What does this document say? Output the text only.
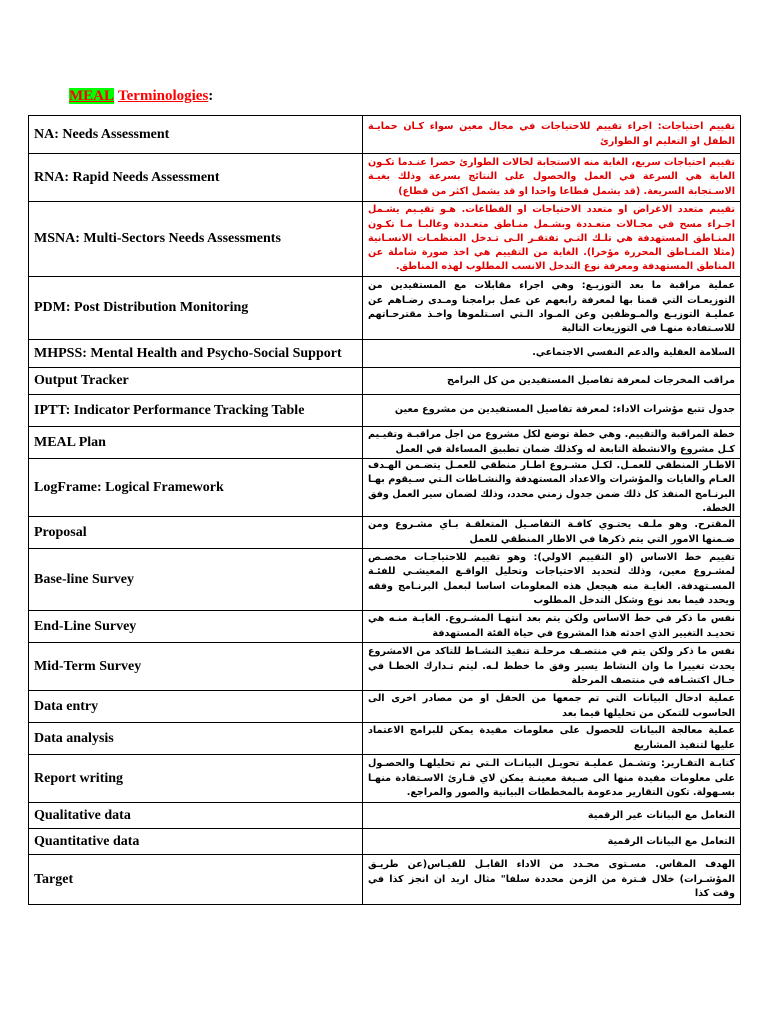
MEAL Terminologies:
NA: Needs Assessment	تقييم احتياجات: اجراء تقييم للاحتياجات في مجال معين سواء كـان حمايـة الطفل او التعليم او الطوارئ
RNA: Rapid Needs Assessment	تقييم احتياجات سريع، الغاية منه الاستجابة لحالات الطوارئ حصرا عنـدما تكـون الغاية هي السرعة في العمل والحصول على النتائج بسرعة وذلك بغيـة الاسـتجابة السريعة. (قد يشمل قطاعا واحدا او قد يشمل اكثر من قطاع)
MSNA: Multi-Sectors Needs Assessments	تقييم متعدد الاغراض او متعدد الاحتياجات او القطاعات. هـو تقيـيم يشـمل اجـراء مسح في مجـالات متعـددة وبشـمل منـاطق متعـددة وغالبـا مـا تكـون المنـاطق المستهدفة هي تلـك التـي تفتقـر الـى تـدخل المنظمـات الانسـانية (مثلا المنـاطق المحررة مؤخرا). الغاية من التقييم هي اخذ صورة شاملة عن المناطق المستهدفة ومعرفة نوع التدخل الانسب المطلوب لهذه المناطق.
PDM: Post Distribution Monitoring	عملية مراقبة ما بعد التوزيـع: وهي اجراء مقابلات مع المستفيدين من التوزيعـات التي قمنا بها لمعرفة رابعهم عن عمل برامجنا ومـدى رضـاهم عن عمليـة التوزيـع والمـوظفين وعن المـواد الـتي اسـتلموها واخـذ مقترحـاتهم للاسـتفادة منهـا في التوزيعات التالية
MHPSS: Mental Health and Psycho-Social Support	السلامة العقلية والدعم النفسي الاجتماعي.
Output Tracker	مراقب المخرجات لمعرفة تفاصيل المستفيدين من كل البرامج
IPTT: Indicator Performance Tracking Table	جدول تتبع مؤشرات الاداء: لمعرفة تفاصيل المستفيدين من مشروع معين
MEAL Plan	خطة المراقبة والتقييم. وهي خطة توضع لكل مشروع من اجل مراقبـة وتقيـيم كـل مشروع والانشطة التابعة له وكذلك ضمان تطبيق المساءلة في العمل
LogFrame: Logical Framework	الاطـار المنطقي للعمـل. لكـل مشـروع اطـار منطقي للعمـل يتضـمن الهـدف العـام والغايات والمؤشرات والاعداد المستهدفة والنشـاطات الـتي سـيقوم بهـا البرنـامج المنفذ كل ذلك ضمن جدول زمني محدد، وذلك لضمان سير العمل وفق الخطة.
Proposal	المقترح. وهو ملـف يحتـوي كافـة التفاصـيل المتعلقـة بـاي مشـروع ومن ضـمنها الامور التي يتم ذكرها في الاطار المنطقي للعمل
Base-line Survey	تقييم خط الاساس (او التقييم الاولي): وهو تقييم للاحتياجـات مخصـص لمشـروع معين، وذلك لتحديد الاحتياجات وتحليل الواقـع المعيشـي للفئـة المسـتهدفة. الغايـة منه هيجعل هذه المعلومات اساسا لبعمل البرنـامج وفقه ويحدد فيما بعد نوع وشكل التدخل المطلوب
End-Line Survey	نفس ما ذكر في خط الاساس ولكن يتم بعد انتهـا المشـروع. الغايـة منـه هي تحديـد التغيير الذي احدثه هذا المشروع في حياة الفئة المستهدفة
Mid-Term Survey	نفس ما ذكر ولكن يتم في منتصـف مرحلـة تنفيذ النشـاط للتاكد من الامشروع يحدث تغييرا ما وان النشاط يسير وفق ما خطط لـه. ليتم تـدارك الخطـا في حـال اكتشـافه في منتصف المرحلة
Data entry	عملية ادخال البيانات التي تم جمعها من الحقل او من مصادر اخرى الى الحاسوب للتمكن من تحليلها فيما بعد
Data analysis	عملية معالجة البيانات للحصول على معلومات مفيدة يمكن للبرامج الاعتماد عليها لتنفيذ المشاريع
Report writing	كتابـة التقـارير: وتشـمل عمليـة تحويـل البيانـات الـتي تم تحليلهـا والحصـول على معلومات مفيدة منها الى صـيغة معينـة يمكن لاي قـارئ الاسـتفادة منهـا بسـهولة. تكون التقارير مدعومة بالمخططات البيانية والصور والمراجع.
Qualitative data	التعامل مع البيانات غير الرقمية
Quantitative data	التعامل مع البيانات الرقمية
Target	الهدف المقاس. مسـتوى محـدد من الاداء القابـل للقيـاس(عن طريـق المؤشـرات) خلال فـترة من الزمن محددة سلفا" مثال اريد ان انجز كذا في وقت كذا
